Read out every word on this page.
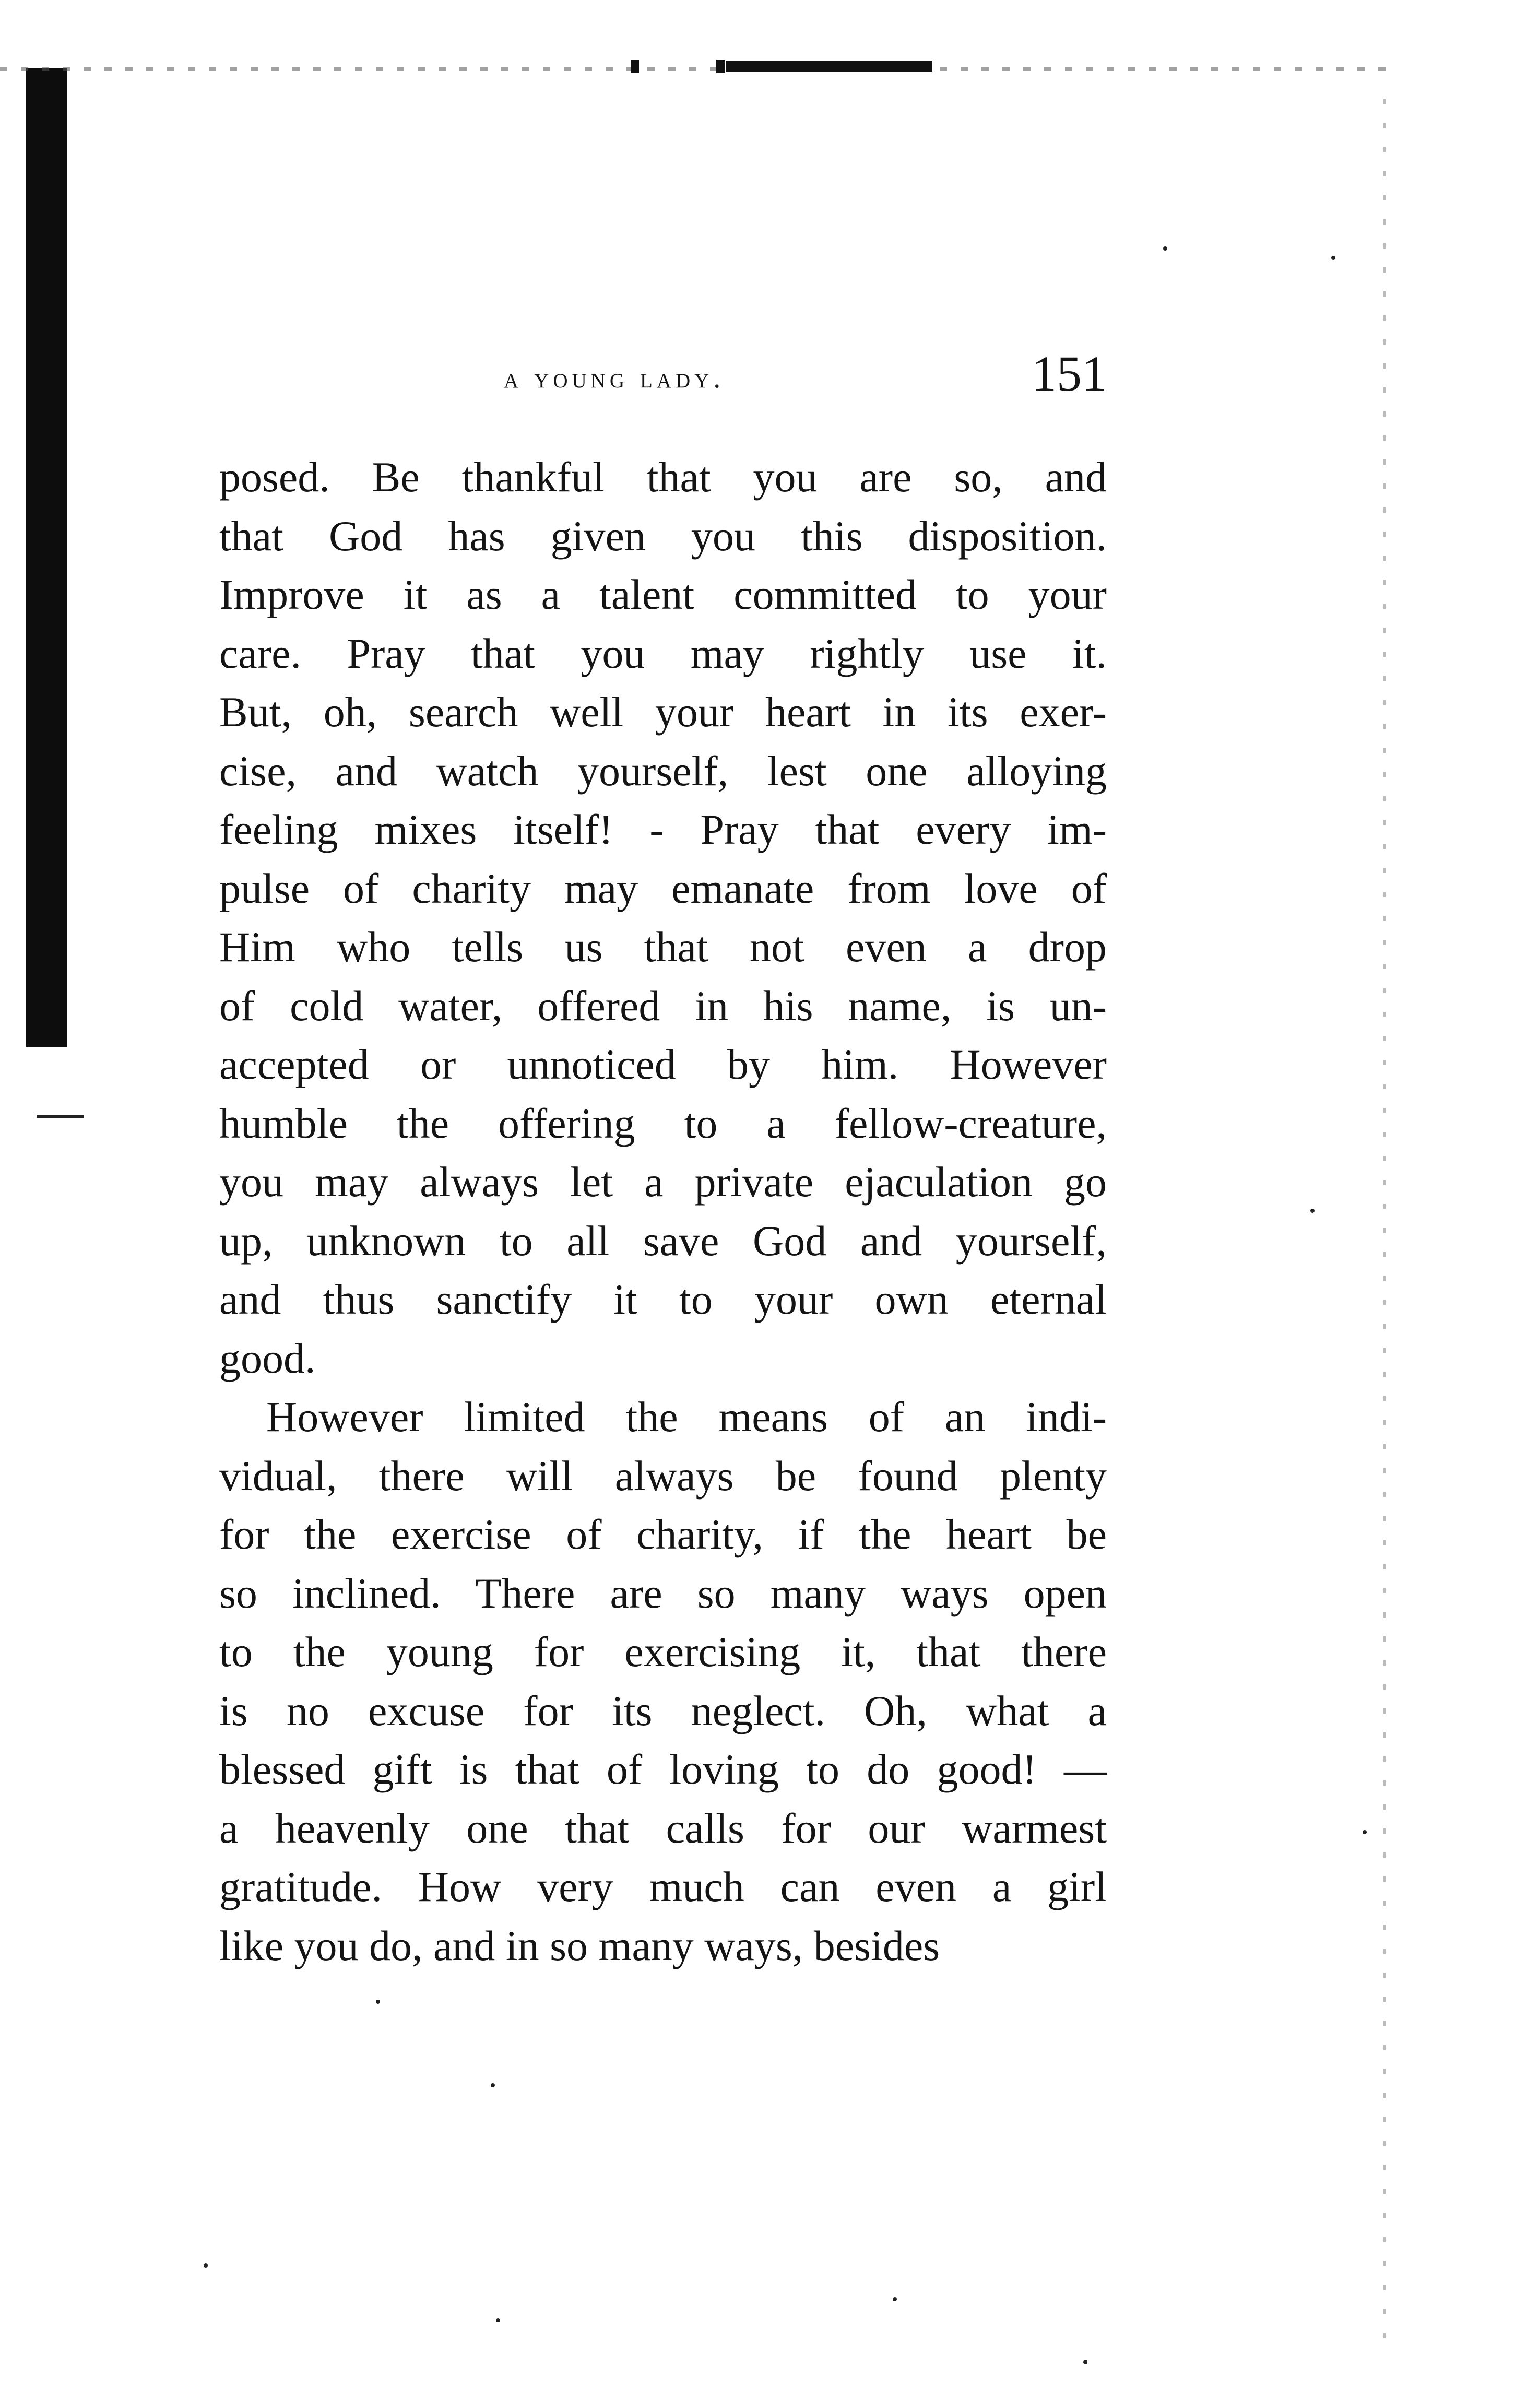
a young lady.	151
posed. Be thankful that you are so, and
that God has given you this disposition.
Improve it as a talent committed to your
care. Pray that you may rightly use it.
But, oh, search well your heart in its exer-
cise, and watch yourself, lest one alloying
feeling mixes itself! - Pray that every im-
pulse of charity may emanate from love of
Him who tells us that not even a drop
of cold water, offered in his name, is un-
accepted or unnoticed by him. However
humble the offering to a fellow-creature,
you may always let a private ejaculation go
up, unknown to all save God and yourself,
and thus sanctify it to your own eternal
good.
However limited the means of an indi-
vidual, there will always be found plenty
for the exercise of charity, if the heart be
so inclined. There are so many ways open
to the young for exercising it, that there
is no excuse for its neglect. Oh, what a
blessed gift is that of loving to do good! —
a heavenly one that calls for our warmest
gratitude. How very much can even a girl
like you do, and in so many ways, besides
